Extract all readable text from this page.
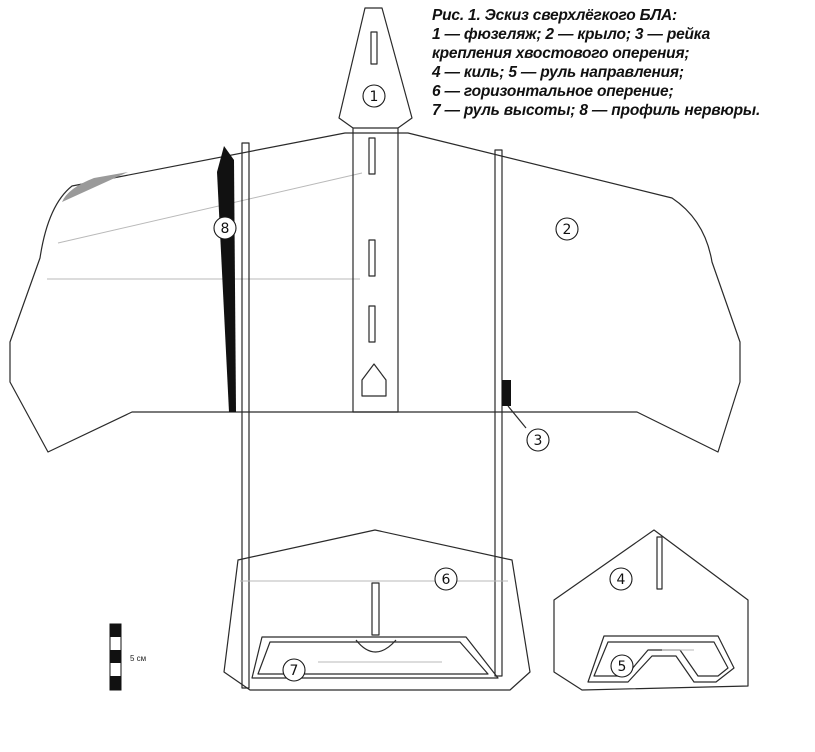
1
2
3
4
5
6
7
8
5 см
Рис. 1. Эскиз сверхлёгкого БЛА:
1 — фюзеляж; 2 — крыло; 3 — рейка
крепления хвостового оперения;
4 — киль; 5 — руль направления;
6 — горизонтальное оперение;
7 — руль высоты; 8 — профиль нервюры.
